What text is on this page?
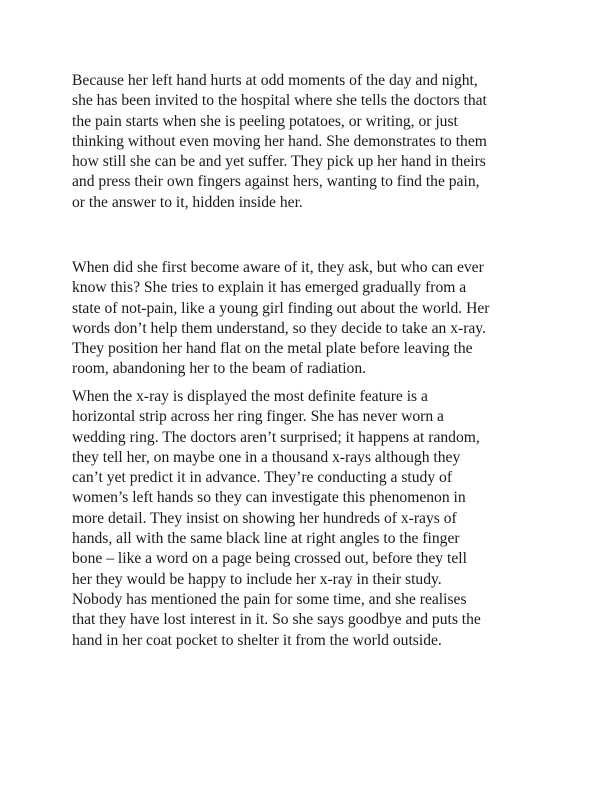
Because her left hand hurts at odd moments of the day and night,
she has been invited to the hospital where she tells the doctors that
the pain starts when she is peeling potatoes, or writing, or just
thinking without even moving her hand. She demonstrates to them
how still she can be and yet suffer. They pick up her hand in theirs
and press their own fingers against hers, wanting to find the pain,
or the answer to it, hidden inside her.

When did she first become aware of it, they ask, but who can ever
know this? She tries to explain it has emerged gradually from a
state of not-pain, like a young girl finding out about the world. Her
words don’t help them understand, so they decide to take an x-ray.
They position her hand flat on the metal plate before leaving the
room, abandoning her to the beam of radiation.

When the x-ray is displayed the most definite feature is a
horizontal strip across her ring finger. She has never worn a
wedding ring. The doctors aren’t surprised; it happens at random,
they tell her, on maybe one in a thousand x-rays although they
can’t yet predict it in advance. They’re conducting a study of
women’s left hands so they can investigate this phenomenon in
more detail. They insist on showing her hundreds of x-rays of
hands, all with the same black line at right angles to the finger
bone – like a word on a page being crossed out, before they tell
her they would be happy to include her x-ray in their study.
Nobody has mentioned the pain for some time, and she realises
that they have lost interest in it. So she says goodbye and puts the
hand in her coat pocket to shelter it from the world outside.
